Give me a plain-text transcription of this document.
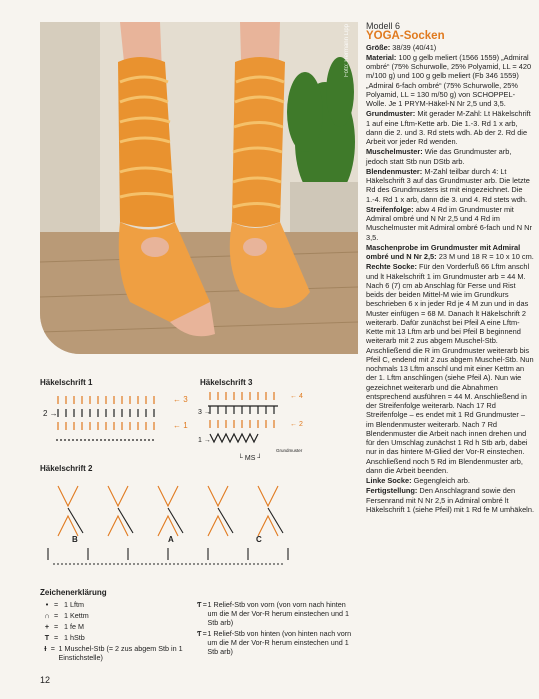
Foto: Hermann Lipp Modell 6

YOGA-Socken

Größe: 38/39 (40/41)

Material: 100 g gelb meliert (1566 1559) „Admiral ombré“ (75% Schurwolle, 25% Polyamid, LL = 420 m/100 g) und 100 g gelb meliert (Fb 346 1559) „Admiral 6-fach ombré“ (75% Schurwolle, 25% Polyamid, LL = 130 m/50 g) von SCHOPPEL-Wolle. Je 1 PRYM-Häkel-N Nr 2,5 und 3,5.

Grundmuster: Mit gerader M-Zahl: Lt Häkelschrift 1 auf eine Lftm-Kette arb. Die 1.-3. Rd 1 x arb, dann die 2. und 3. Rd stets wdh. Ab der 2. Rd die Arbeit vor jeder Rd wenden.

Muschelmuster: Wie das Grundmuster arb, jedoch statt Stb nun DStb arb.

Blendenmuster: M-Zahl teilbar durch 4: Lt Häkelschrift 3 auf das Grundmuster arb. Die letzte Rd des Grundmusters ist mit eingezeichnet. Die 1.-4. Rd 1 x arb, dann die 3. und 4. Rd stets wdh.

Streifenfolge: abw 4 Rd im Grundmuster mit Admiral ombré und N Nr 2,5 und 4 Rd im Muschelmuster mit Admiral ombré 6-fach und N Nr 3,5.

Maschenprobe im Grundmuster mit Admiral ombré und N Nr 2,5: 23 M und 18 R = 10 x 10 cm.

Rechte Socke: Für den Vorderfuß 66 Lftm anschl und lt Häkelschrift 1 im Grundmuster arb = 44 M. Nach 6 (7) cm ab Anschlag für Ferse und Rist beids der beiden Mittel-M wie im Grundkurs beschrieben 6 x in jeder Rd je 4 M zun und in das Muster einfügen = 68 M. Danach lt Häkelschrift 2 weiterarb. Dafür zunächst bei Pfeil A eine Lftm-Kette mit 13 Lftm arb und bei Pfeil B beginnend weiterarb mit 2 zus abgem Muschel-Stb. Anschließend die R im Grundmuster weiterarb bis Pfeil C, endend mit 2 zus abgem Muschel-Stb. Nun nochmals 13 Lftm anschl und mit einer Kettm an der 1. Lftm anschlingen (siehe Pfeil A). Nun wie gezeichnet weiterarb und die Abnahmen entsprechend ausführen = 44 M. Anschließend in der Streifenfolge weiterarb. Nach 17 Rd Streifenfolge – es endet mit 1 Rd Grundmuster – im Blendenmuster weiterarb. Nach 7 Rd Blendenmuster die Arbeit nach innen drehen und für den Umschlag zunächst 1 Rd h Stb arb, dabei nur in das hintere M-Glied der Vor-R einstechen. Anschließend noch 5 Rd im Blendenmuster arb, dann die Arbeit beenden.

Linke Socke: Gegengleich arb.

Fertigstellung: Den Anschlagrand sowie den Fersenrand mit N Nr 2,5 in Admiral ombré lt Häkelschrift 1 (siehe Pfeil) mit 1 Rd fe M umhäkeln.

Häkelschrift 1	Häkelschrift 3
Häkelschrift 2
2 →
← 3
← 1
← 4
3 →
← 2
1 →
└ MS ┘
Grundmuster
B	A	C
Zeichenerklärung
• = 1 Lftm
∩ = 1 Kettm
+ = 1 fe M
T = 1 hStb
Ɨ = 1 Muschel-Stb (= 2 zus abgem Stb in 1 Einstichstelle)
Ƭ = 1 Relief-Stb von vorn (von vorn nach hinten um die M der Vor-R herum einstechen und 1 Stb arb)
Ƭ = 1 Relief-Stb von hinten (von hinten nach vorn um die M der Vor-R herum einstechen und 1 Stb arb)
12
